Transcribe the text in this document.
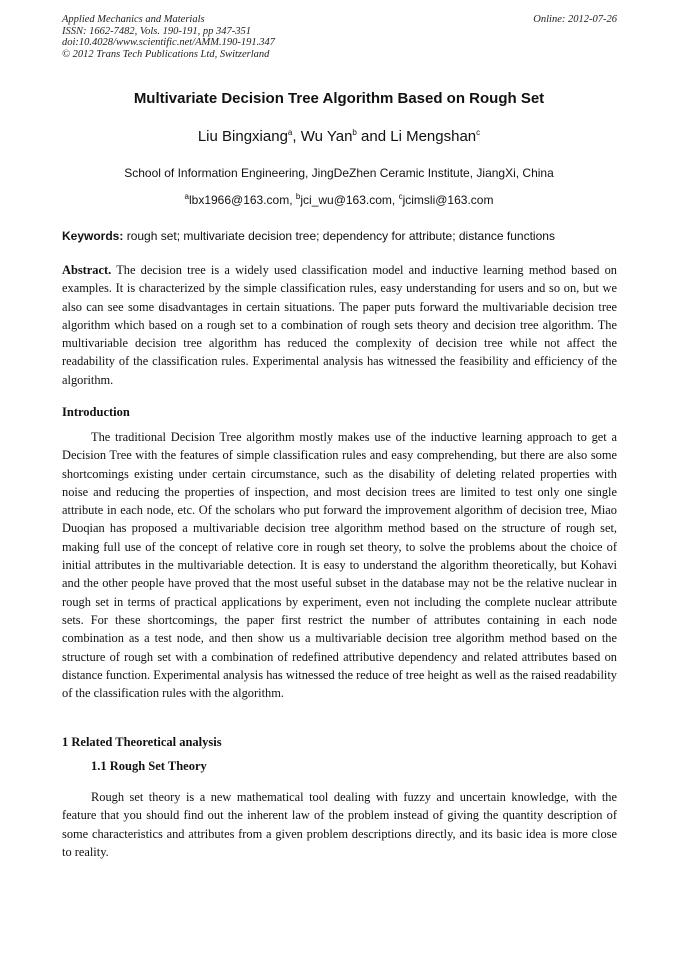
Applied Mechanics and Materials
ISSN: 1662-7482, Vols. 190-191, pp 347-351
doi:10.4028/www.scientific.net/AMM.190-191.347
© 2012 Trans Tech Publications Ltd, Switzerland
Online: 2012-07-26
Multivariate Decision Tree Algorithm Based on Rough Set
Liu Bingxiang$^a$, Wu Yan$^b$ and Li Mengshan$^c$
School of Information Engineering, JingDeZhen Ceramic Institute, JiangXi, China
$^a$lbx1966@163.com, $^b$jci_wu@163.com, $^c$jcimsli@163.com
Keywords: rough set; multivariate decision tree; dependency for attribute; distance functions

Abstract. The decision tree is a widely used classification model and inductive learning method based on examples. It is characterized by the simple classification rules, easy understanding for users and so on, but we also can see some disadvantages in certain situations. The paper puts forward the multivariable decision tree algorithm which based on a rough set to a combination of rough sets theory and decision tree algorithm. The multivariable decision tree algorithm has reduced the complexity of decision tree while not affect the readability of the classification rules. Experimental analysis has witnessed the feasibility and efficiency of the algorithm.

Introduction

The traditional Decision Tree algorithm mostly makes use of the inductive learning approach to get a Decision Tree with the features of simple classification rules and easy comprehending, but there are also some shortcomings existing under certain circumstance, such as the disability of deleting related properties with noise and reducing the properties of inspection, and most decision trees are limited to test only one single attribute in each node, etc. Of the scholars who put forward the improvement algorithm of decision tree, Miao Duoqian has proposed a multivariable decision tree algorithm method based on the structure of rough set, making full use of the concept of relative core in rough set theory, to solve the problems about the choice of initial attributes in the multivariable detection. It is easy to understand the algorithm theoretically, but Kohavi and the other people have proved that the most useful subset in the database may not be the relative nuclear in rough set in terms of practical applications by experiment, even not including the complete nuclear attribute sets. For these shortcomings, the paper first restrict the number of attributes containing in each node combination as a test node, and then show us a multivariable decision tree algorithm method based on the structure of rough set with a combination of redefined attributive dependency and related attributes based on distance function. Experimental analysis has witnessed the reduce of tree height as well as the raised readability of the classification rules with the algorithm.

1 Related Theoretical analysis
1.1 Rough Set Theory

Rough set theory is a new mathematical tool dealing with fuzzy and uncertain knowledge, with the feature that you should find out the inherent law of the problem instead of giving the quantity description of some characteristics and attributes from a given problem descriptions directly, and its basic idea is more close to reality.
